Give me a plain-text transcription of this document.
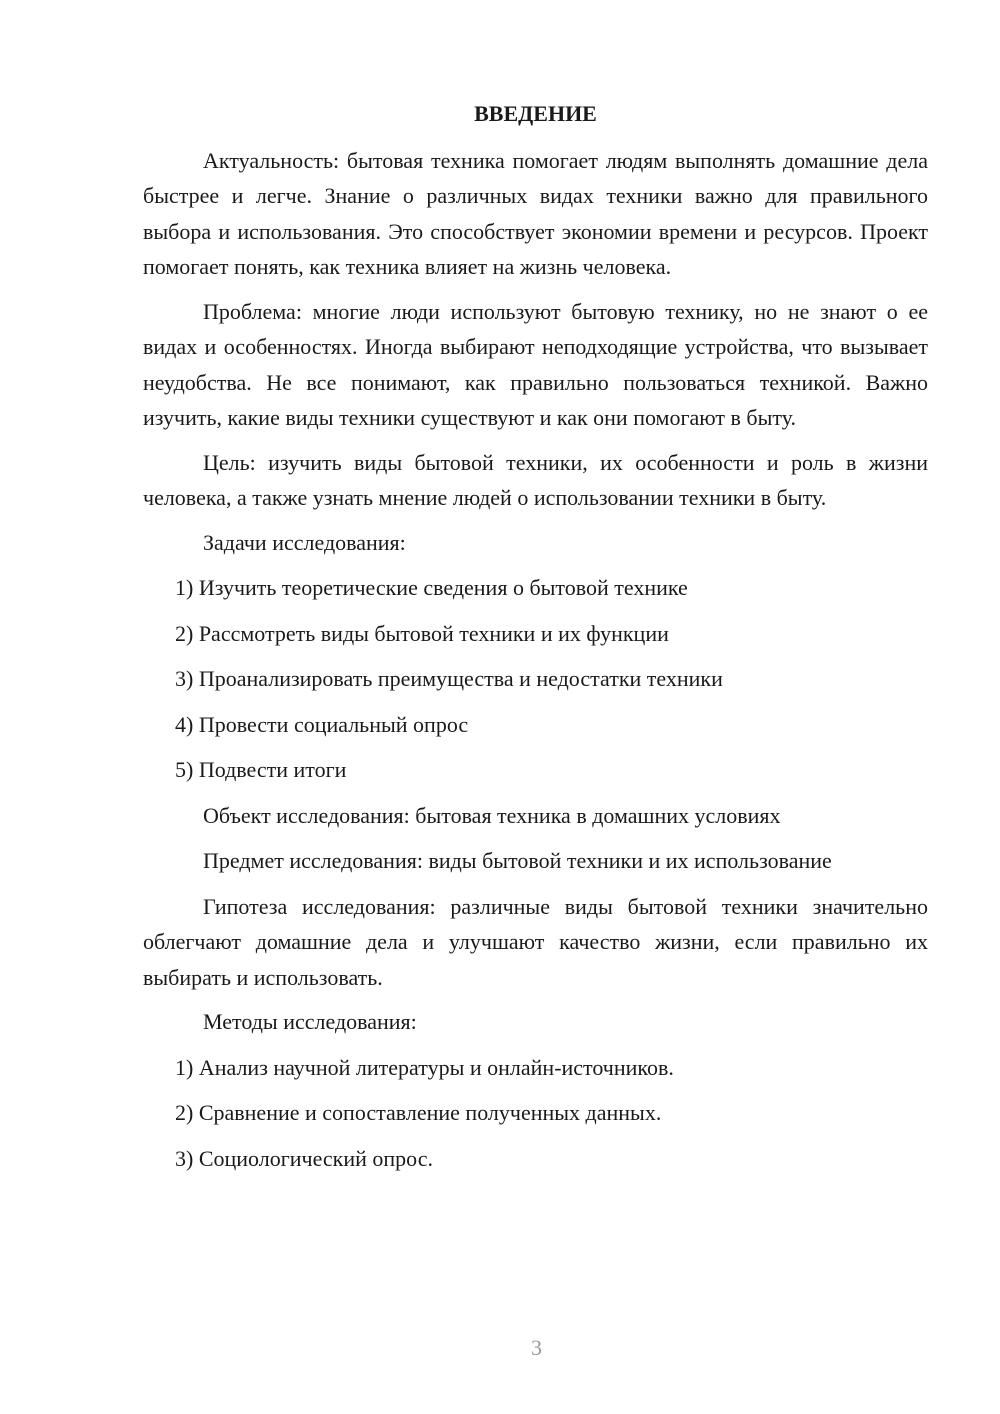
ВВЕДЕНИЕ

Актуальность: бытовая техника помогает людям выполнять домашние дела быстрее и легче. Знание о различных видах техники важно для правильного выбора и использования. Это способствует экономии времени и ресурсов. Проект помогает понять, как техника влияет на жизнь человека.

Проблема: многие люди используют бытовую технику, но не знают о ее видах и особенностях. Иногда выбирают неподходящие устройства, что вызывает неудобства. Не все понимают, как правильно пользоваться техникой. Важно изучить, какие виды техники существуют и как они помогают в быту.

Цель: изучить виды бытовой техники, их особенности и роль в жизни человека, а также узнать мнение людей о использовании техники в быту.

Задачи исследования:

1) Изучить теоретические сведения о бытовой технике

2) Рассмотреть виды бытовой техники и их функции

3) Проанализировать преимущества и недостатки техники

4) Провести социальный опрос

5) Подвести итоги

Объект исследования: бытовая техника в домашних условиях

Предмет исследования: виды бытовой техники и их использование

Гипотеза исследования: различные виды бытовой техники значительно облегчают домашние дела и улучшают качество жизни, если правильно их выбирать и использовать.

Методы исследования:

1) Анализ научной литературы и онлайн-источников.

2) Сравнение и сопоставление полученных данных.

3) Социологический опрос.

3
